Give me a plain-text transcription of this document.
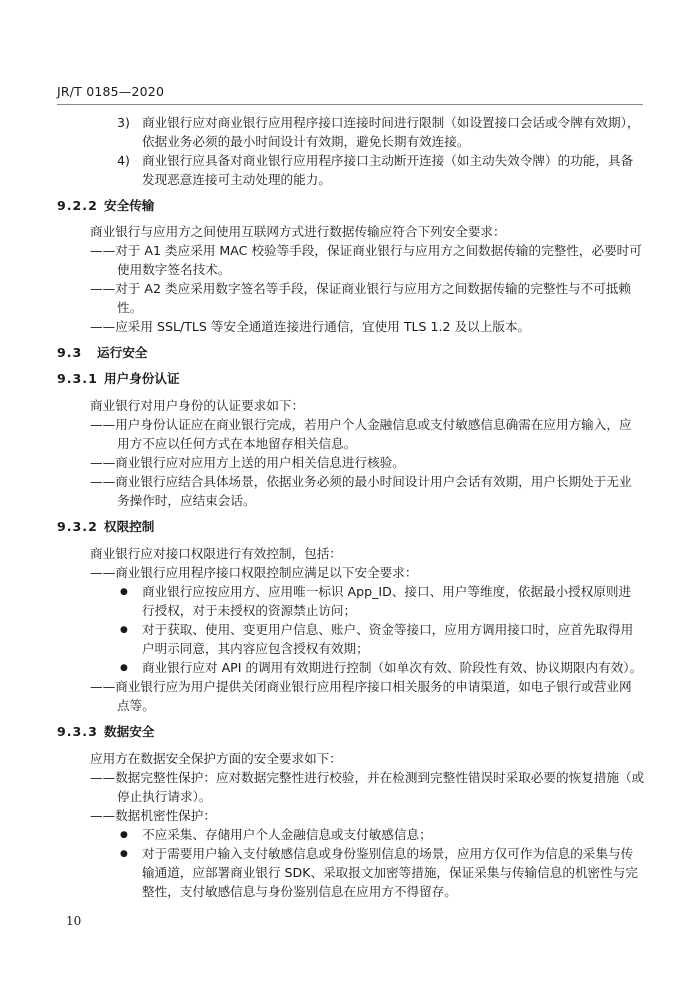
JR/T 0185—2020
3) 商业银行应对商业银行应用程序接口连接时间进行限制（如设置接口会话或令牌有效期），
依据业务必须的最小时间设计有效期，避免长期有效连接。
4) 商业银行应具备对商业银行应用程序接口主动断开连接（如主动失效令牌）的功能，具备
发现恶意连接可主动处理的能力。
9.2.2 安全传输
商业银行与应用方之间使用互联网方式进行数据传输应符合下列安全要求：
——对于 A1 类应采用 MAC 校验等手段，保证商业银行与应用方之间数据传输的完整性，必要时可
使用数字签名技术。
——对于 A2 类应采用数字签名等手段，保证商业银行与应用方之间数据传输的完整性与不可抵赖
性。
——应采用 SSL/TLS 等安全通道连接进行通信，宜使用 TLS 1.2 及以上版本。
9.3 运行安全
9.3.1 用户身份认证
商业银行对用户身份的认证要求如下：
——用户身份认证应在商业银行完成，若用户个人金融信息或支付敏感信息确需在应用方输入，应
用方不应以任何方式在本地留存相关信息。
——商业银行应对应用方上送的用户相关信息进行核验。
——商业银行应结合具体场景，依据业务必须的最小时间设计用户会话有效期，用户长期处于无业
务操作时，应结束会话。
9.3.2 权限控制
商业银行应对接口权限进行有效控制，包括：
——商业银行应用程序接口权限控制应满足以下安全要求：
● 商业银行应按应用方、应用唯一标识 App_ID、接口、用户等维度，依据最小授权原则进
行授权，对于未授权的资源禁止访问；
● 对于获取、使用、变更用户信息、账户、资金等接口，应用方调用接口时，应首先取得用
户明示同意，其内容应包含授权有效期；
● 商业银行应对 API 的调用有效期进行控制（如单次有效、阶段性有效、协议期限内有效）。
——商业银行应为用户提供关闭商业银行应用程序接口相关服务的申请渠道，如电子银行或营业网
点等。
9.3.3 数据安全
应用方在数据安全保护方面的安全要求如下：
——数据完整性保护：应对数据完整性进行校验，并在检测到完整性错误时采取必要的恢复措施（或
停止执行请求）。
——数据机密性保护：
● 不应采集、存储用户个人金融信息或支付敏感信息；
● 对于需要用户输入支付敏感信息或身份鉴别信息的场景，应用方仅可作为信息的采集与传
输通道，应部署商业银行 SDK、采取报文加密等措施，保证采集与传输信息的机密性与完
整性，支付敏感信息与身份鉴别信息在应用方不得留存。
10
